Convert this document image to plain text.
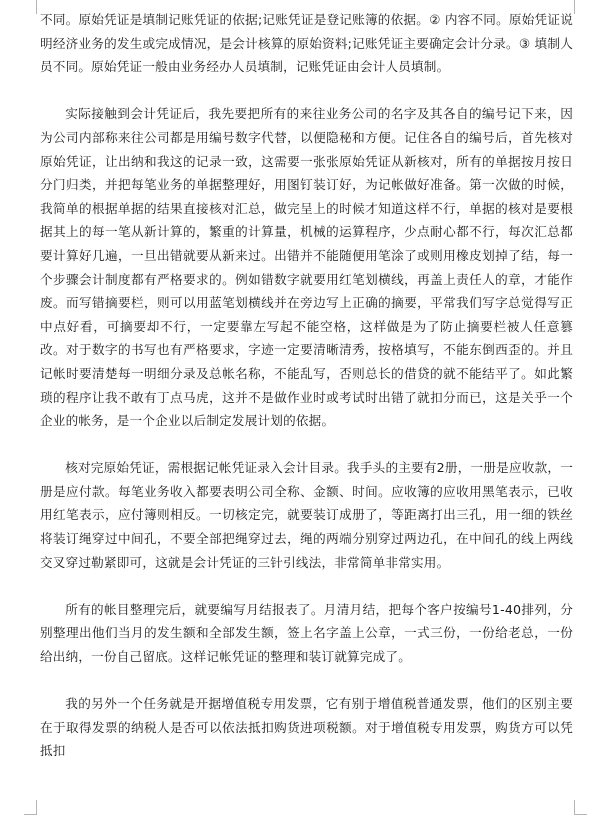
不同。原始凭证是填制记账凭证的依据;记账凭证是登记账簿的依据。② 内容不同。原始凭证说明经济业务的发生或完成情况，是会计核算的原始资料;记账凭证主要确定会计分录。③ 填制人员不同。原始凭证一般由业务经办人员填制，记账凭证由会计人员填制。

实际接触到会计凭证后，我先要把所有的来往业务公司的名字及其各自的编号记下来，因为公司内部称来往公司都是用编号数字代替，以便隐秘和方便。记住各自的编号后，首先核对原始凭证，让出纳和我这的记录一致，这需要一张张原始凭证从新核对，所有的单据按月按日分门归类，并把每笔业务的单据整理好，用图钉装订好，为记帐做好准备。第一次做的时候，我简单的根据单据的结果直接核对汇总，做完呈上的时候才知道这样不行，单据的核对是要根据其上的每一笔从新计算的，繁重的计算量，机械的运算程序，少点耐心都不行，每次汇总都要计算好几遍，一旦出错就要从新来过。出错并不能随便用笔涂了或则用橡皮划掉了结，每一个步骤会计制度都有严格要求的。例如错数字就要用红笔划横线，再盖上责任人的章，才能作废。而写错摘要栏，则可以用蓝笔划横线并在旁边写上正确的摘要，平常我们写字总觉得写正中点好看，可摘要却不行，一定要靠左写起不能空格，这样做是为了防止摘要栏被人任意篡改。对于数字的书写也有严格要求，字迹一定要清晰清秀，按格填写，不能东倒西歪的。并且记帐时要清楚每一明细分录及总帐名称，不能乱写，否则总长的借贷的就不能结平了。如此繁琐的程序让我不敢有丁点马虎，这并不是做作业时或考试时出错了就扣分而已，这是关乎一个企业的帐务，是一个企业以后制定发展计划的依据。

核对完原始凭证，需根据记帐凭证录入会计目录。我手头的主要有2册，一册是应收款，一册是应付款。每笔业务收入都要表明公司全称、金额、时间。应收簿的应收用黑笔表示，已收用红笔表示，应付簿则相反。一切核定完，就要装订成册了，等距离打出三孔，用一细的铁丝将装订绳穿过中间孔，不要全部把绳穿过去，绳的两端分别穿过两边孔，在中间孔的线上两线交叉穿过勒紧即可，这就是会计凭证的三针引线法，非常简单非常实用。

所有的帐目整理完后，就要编写月结报表了。月清月结，把每个客户按编号1-40排列，分别整理出他们当月的发生额和全部发生额，签上名字盖上公章，一式三份，一份给老总，一份给出纳，一份自己留底。这样记帐凭证的整理和装订就算完成了。

我的另外一个任务就是开据增值税专用发票，它有别于增值税普通发票，他们的区别主要在于取得发票的纳税人是否可以依法抵扣购货进项税额。对于增值税专用发票，购货方可以凭抵扣
